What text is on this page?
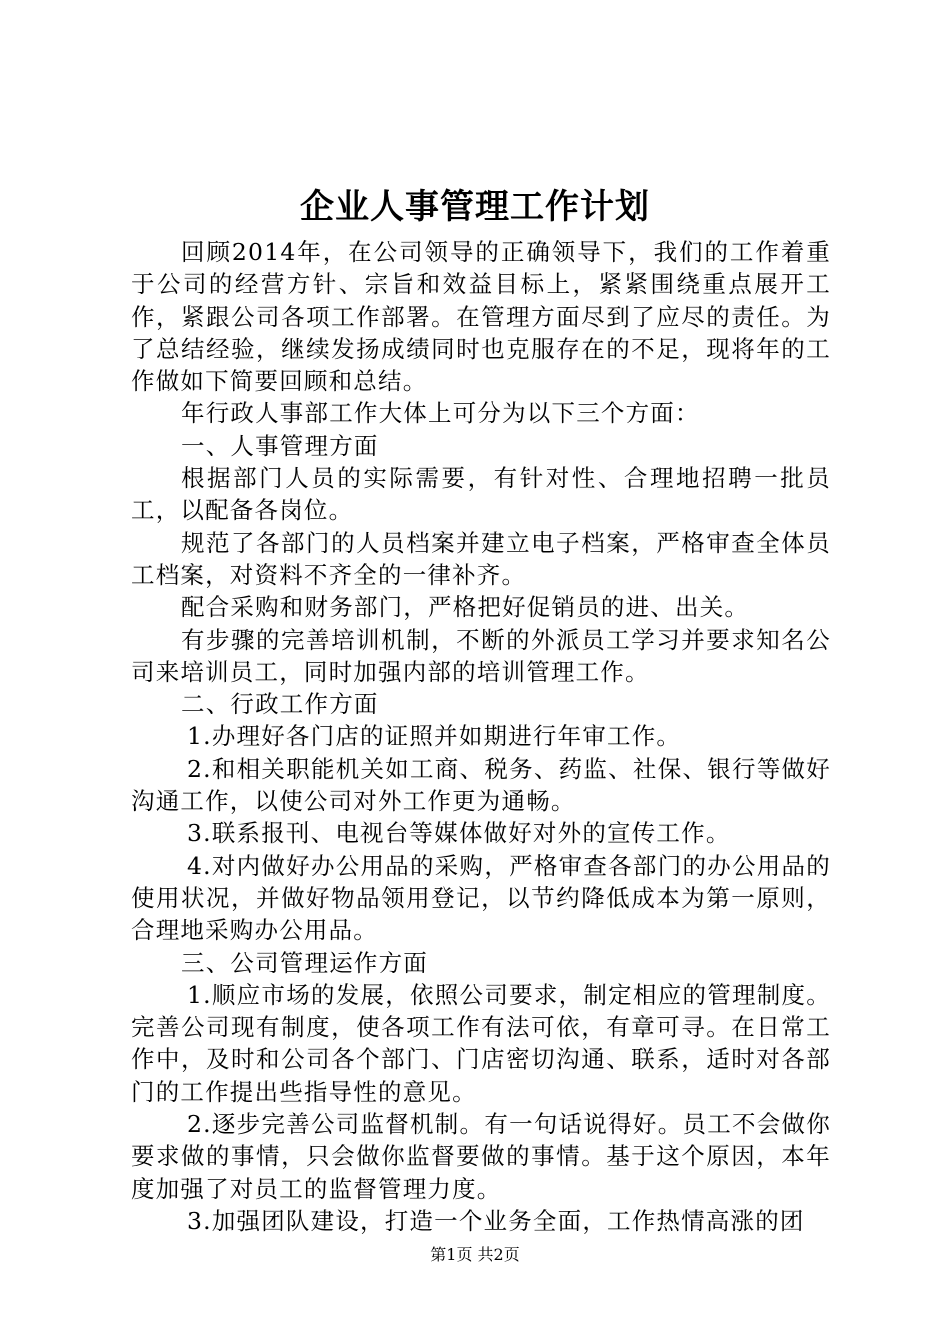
企业人事管理工作计划

回顾2014年，在公司领导的正确领导下，我们的工作着重于公司的经营方针、宗旨和效益目标上，紧紧围绕重点展开工作，紧跟公司各项工作部署。在管理方面尽到了应尽的责任。为了总结经验，继续发扬成绩同时也克服存在的不足，现将年的工作做如下简要回顾和总结。

年行政人事部工作大体上可分为以下三个方面：

一、人事管理方面

根据部门人员的实际需要，有针对性、合理地招聘一批员工，以配备各岗位。

规范了各部门的人员档案并建立电子档案，严格审查全体员工档案，对资料不齐全的一律补齐。

配合采购和财务部门，严格把好促销员的进、出关。

有步骤的完善培训机制，不断的外派员工学习并要求知名公司来培训员工，同时加强内部的培训管理工作。

二、行政工作方面

1.办理好各门店的证照并如期进行年审工作。

2.和相关职能机关如工商、税务、药监、社保、银行等做好沟通工作，以使公司对外工作更为通畅。

3.联系报刊、电视台等媒体做好对外的宣传工作。

4.对内做好办公用品的采购，严格审查各部门的办公用品的使用状况，并做好物品领用登记，以节约降低成本为第一原则，合理地采购办公用品。

三、公司管理运作方面

1.顺应市场的发展，依照公司要求，制定相应的管理制度。完善公司现有制度，使各项工作有法可依，有章可寻。在日常工作中，及时和公司各个部门、门店密切沟通、联系，适时对各部门的工作提出些指导性的意见。

2.逐步完善公司监督机制。有一句话说得好。员工不会做你要求做的事情，只会做你监督要做的事情。基于这个原因，本年度加强了对员工的监督管理力度。

3.加强团队建设，打造一个业务全面，工作热情高涨的团

第1页 共2页
